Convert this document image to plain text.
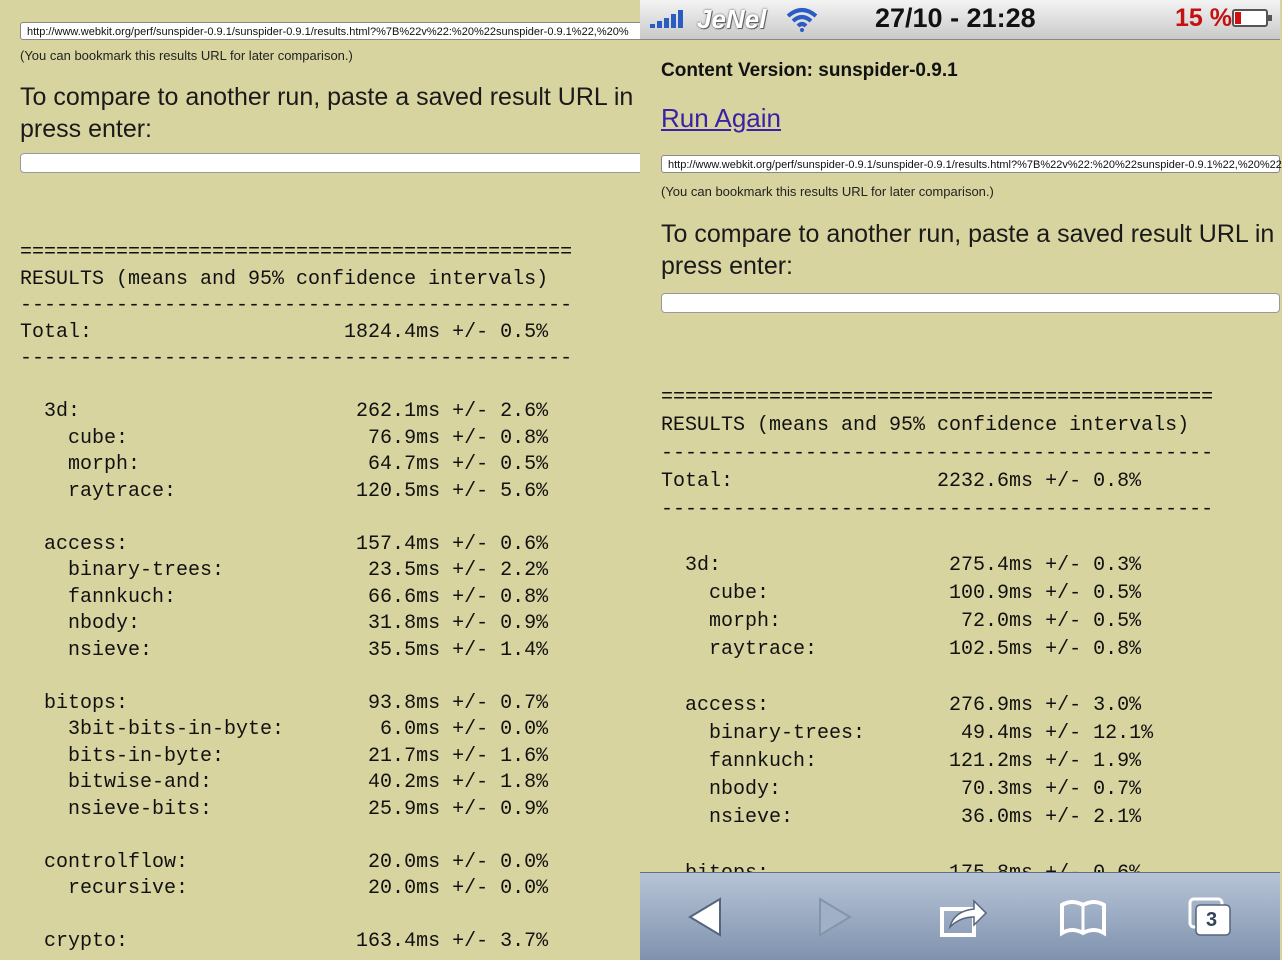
http://www.webkit.org/perf/sunspider-0.9.1/sunspider-0.9.1/results.html?%7B%22v%22:%20%22sunspider-0.9.1%22,%20%
(You can bookmark this results URL for later comparison.)
To compare to another run, paste a saved result URL in
press enter:
==============================================
RESULTS (means and 95% confidence intervals)
----------------------------------------------
Total:                     1824.4ms +/- 0.5%
----------------------------------------------

3d:                       262.1ms +/- 2.6%
cube:                    76.9ms +/- 0.8%
morph:                   64.7ms +/- 0.5%
raytrace:               120.5ms +/- 5.6%

access:                   157.4ms +/- 0.6%
binary-trees:            23.5ms +/- 2.2%
fannkuch:                66.6ms +/- 0.8%
nbody:                   31.8ms +/- 0.9%
nsieve:                  35.5ms +/- 1.4%

bitops:                    93.8ms +/- 0.7%
3bit-bits-in-byte:        6.0ms +/- 0.0%
bits-in-byte:            21.7ms +/- 1.6%
bitwise-and:             40.2ms +/- 1.8%
nsieve-bits:             25.9ms +/- 0.9%

controlflow:               20.0ms +/- 0.0%
recursive:               20.0ms +/- 0.0%

crypto:                   163.4ms +/- 3.7%
JeNel	27/10 - 21:28	15 %
Content Version: sunspider-0.9.1
Run Again
http://www.webkit.org/perf/sunspider-0.9.1/sunspider-0.9.1/results.html?%7B%22v%22:%20%22sunspider-0.9.1%22,%20%22
(You can bookmark this results URL for later comparison.)
To compare to another run, paste a saved result URL in
press enter:
==============================================
RESULTS (means and 95% confidence intervals)
----------------------------------------------
Total:                 2232.6ms +/- 0.8%
----------------------------------------------

3d:                   275.4ms +/- 0.3%
cube:               100.9ms +/- 0.5%
morph:               72.0ms +/- 0.5%
raytrace:           102.5ms +/- 0.8%

access:               276.9ms +/- 3.0%
binary-trees:        49.4ms +/- 12.1%
fannkuch:           121.2ms +/- 1.9%
nbody:               70.3ms +/- 0.7%
nsieve:              36.0ms +/- 2.1%

3
